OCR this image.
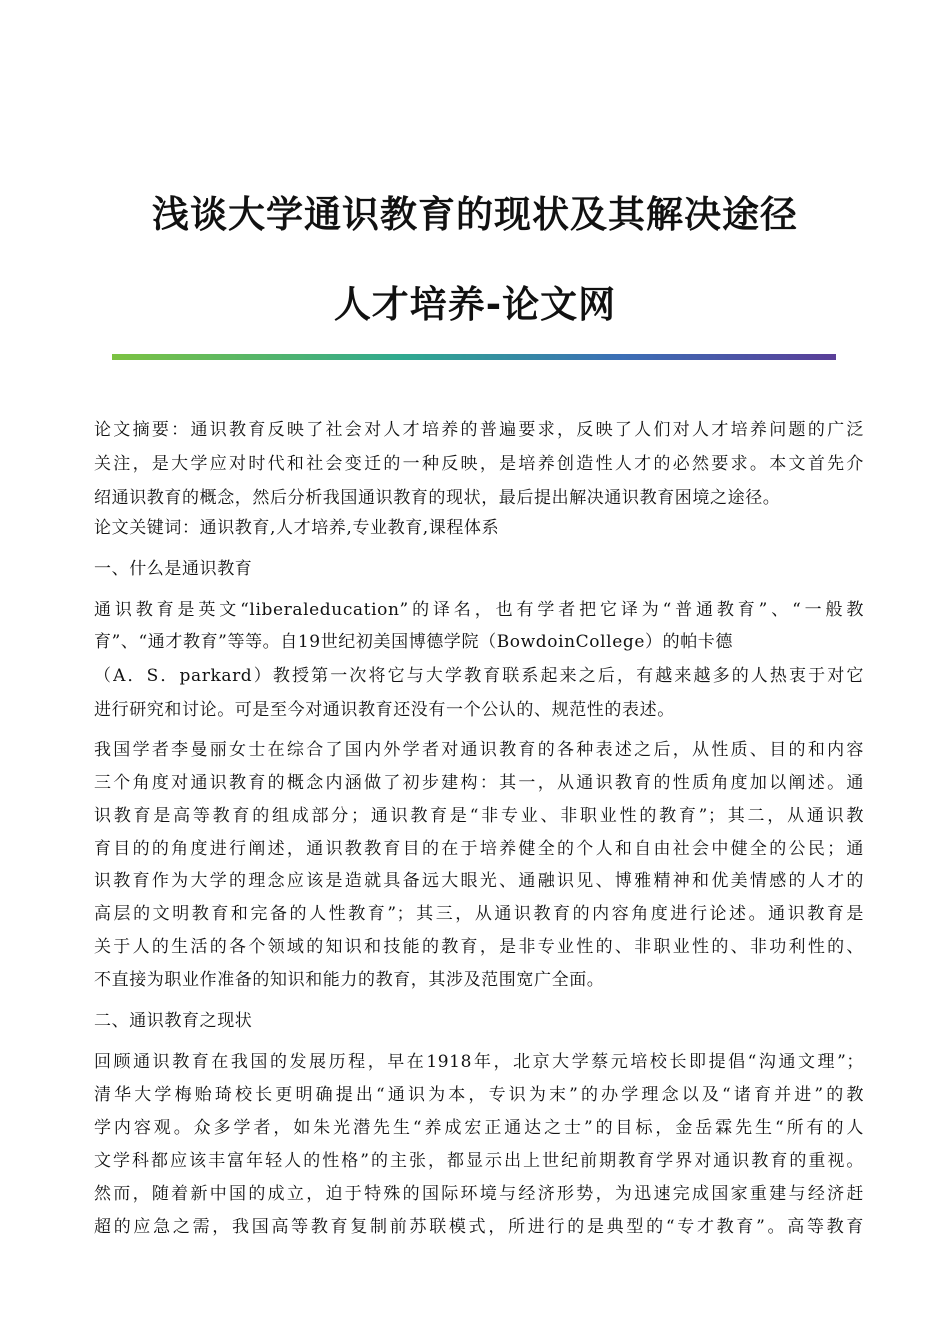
浅谈大学通识教育的现状及其解决途径
人才培养-论文网
论文摘要：通识教育反映了社会对人才培养的普遍要求，反映了人们对人才培养问题的广泛
关注，是大学应对时代和社会变迁的一种反映，是培养创造性人才的必然要求。本文首先介
绍通识教育的概念，然后分析我国通识教育的现状，最后提出解决通识教育困境之途径。
论文关键词：通识教育,人才培养,专业教育,课程体系
一、什么是通识教育
通识教育是英文“liberaleducation”的译名，也有学者把它译为“普通教育”、“一般教
育”、“通才教育”等等。自19世纪初美国博德学院（BowdoinCollege）的帕卡德
（A．S．parkard）教授第一次将它与大学教育联系起来之后，有越来越多的人热衷于对它
进行研究和讨论。可是至今对通识教育还没有一个公认的、规范性的表述。
我国学者李曼丽女士在综合了国内外学者对通识教育的各种表述之后，从性质、目的和内容
三个角度对通识教育的概念内涵做了初步建构：其一，从通识教育的性质角度加以阐述。通
识教育是高等教育的组成部分；通识教育是“非专业、非职业性的教育”；其二，从通识教
育目的的角度进行阐述，通识教教育目的在于培养健全的个人和自由社会中健全的公民；通
识教育作为大学的理念应该是造就具备远大眼光、通融识见、博雅精神和优美情感的人才的
高层的文明教育和完备的人性教育”；其三，从通识教育的内容角度进行论述。通识教育是
关于人的生活的各个领域的知识和技能的教育，是非专业性的、非职业性的、非功利性的、
不直接为职业作准备的知识和能力的教育，其涉及范围宽广全面。
二、通识教育之现状
回顾通识教育在我国的发展历程，早在1918年，北京大学蔡元培校长即提倡“沟通文理”；
清华大学梅贻琦校长更明确提出“通识为本，专识为末”的办学理念以及“诸育并进”的教
学内容观。众多学者，如朱光潜先生“养成宏正通达之士”的目标，金岳霖先生“所有的人
文学科都应该丰富年轻人的性格”的主张，都显示出上世纪前期教育学界对通识教育的重视。
然而，随着新中国的成立，迫于特殊的国际环境与经济形势，为迅速完成国家重建与经济赶
超的应急之需，我国高等教育复制前苏联模式，所进行的是典型的“专才教育”。高等教育
